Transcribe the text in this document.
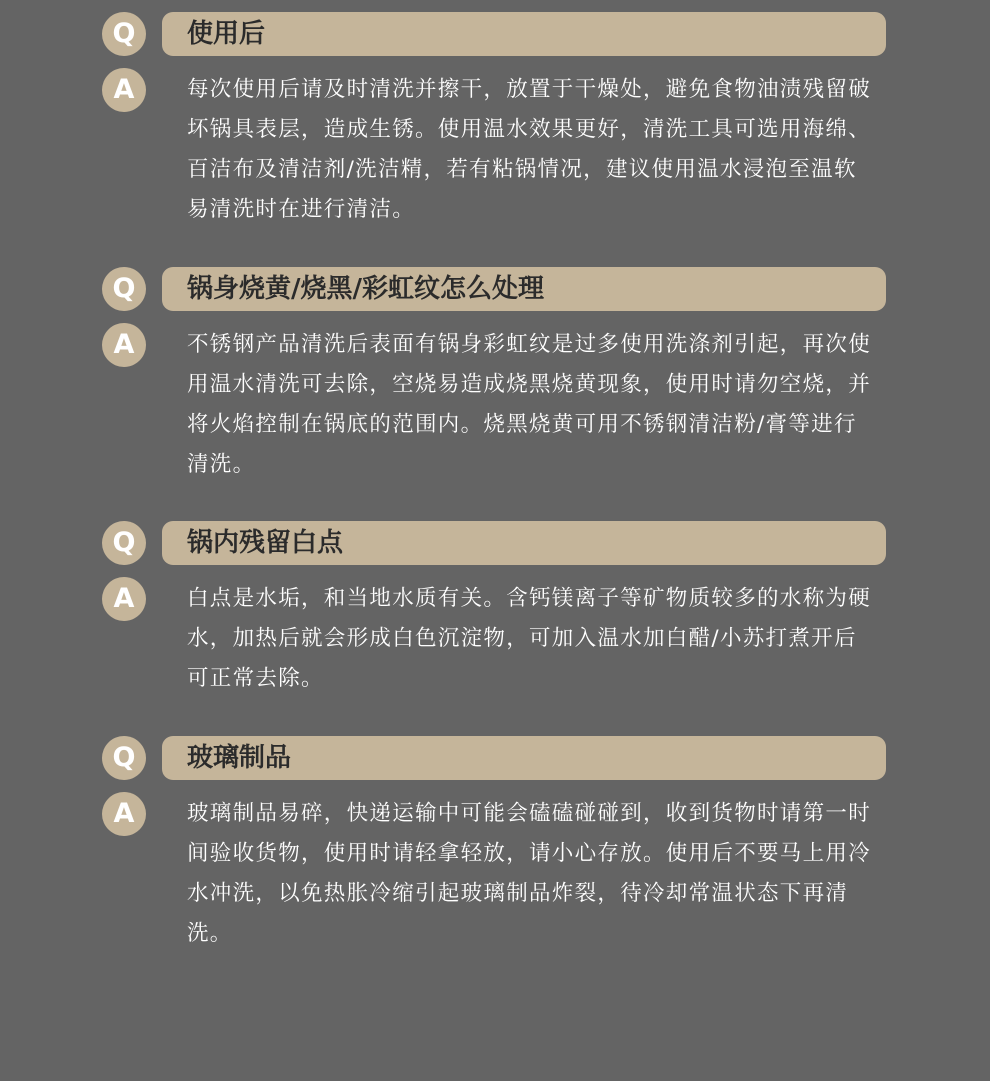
Q	使用后
A	每次使用后请及时清洗并擦干，放置于干燥处，避免食物油渍残留破坏锅具表层，造成生锈。使用温水效果更好，清洗工具可选用海绵、百洁布及清洁剂/洗洁精，若有粘锅情况，建议使用温水浸泡至温软易清洗时在进行清洁。

Q	锅身烧黄/烧黑/彩虹纹怎么处理
A	不锈钢产品清洗后表面有锅身彩虹纹是过多使用洗涤剂引起，再次使用温水清洗可去除，空烧易造成烧黑烧黄现象，使用时请勿空烧，并将火焰控制在锅底的范围内。烧黑烧黄可用不锈钢清洁粉/膏等进行清洗。

Q	锅内残留白点
A	白点是水垢，和当地水质有关。含钙镁离子等矿物质较多的水称为硬水，加热后就会形成白色沉淀物，可加入温水加白醋/小苏打煮开后可正常去除。

Q	玻璃制品
A	玻璃制品易碎，快递运输中可能会磕磕碰碰到，收到货物时请第一时间验收货物，使用时请轻拿轻放，请小心存放。使用后不要马上用冷水冲洗，以免热胀冷缩引起玻璃制品炸裂，待冷却常温状态下再清洗。
